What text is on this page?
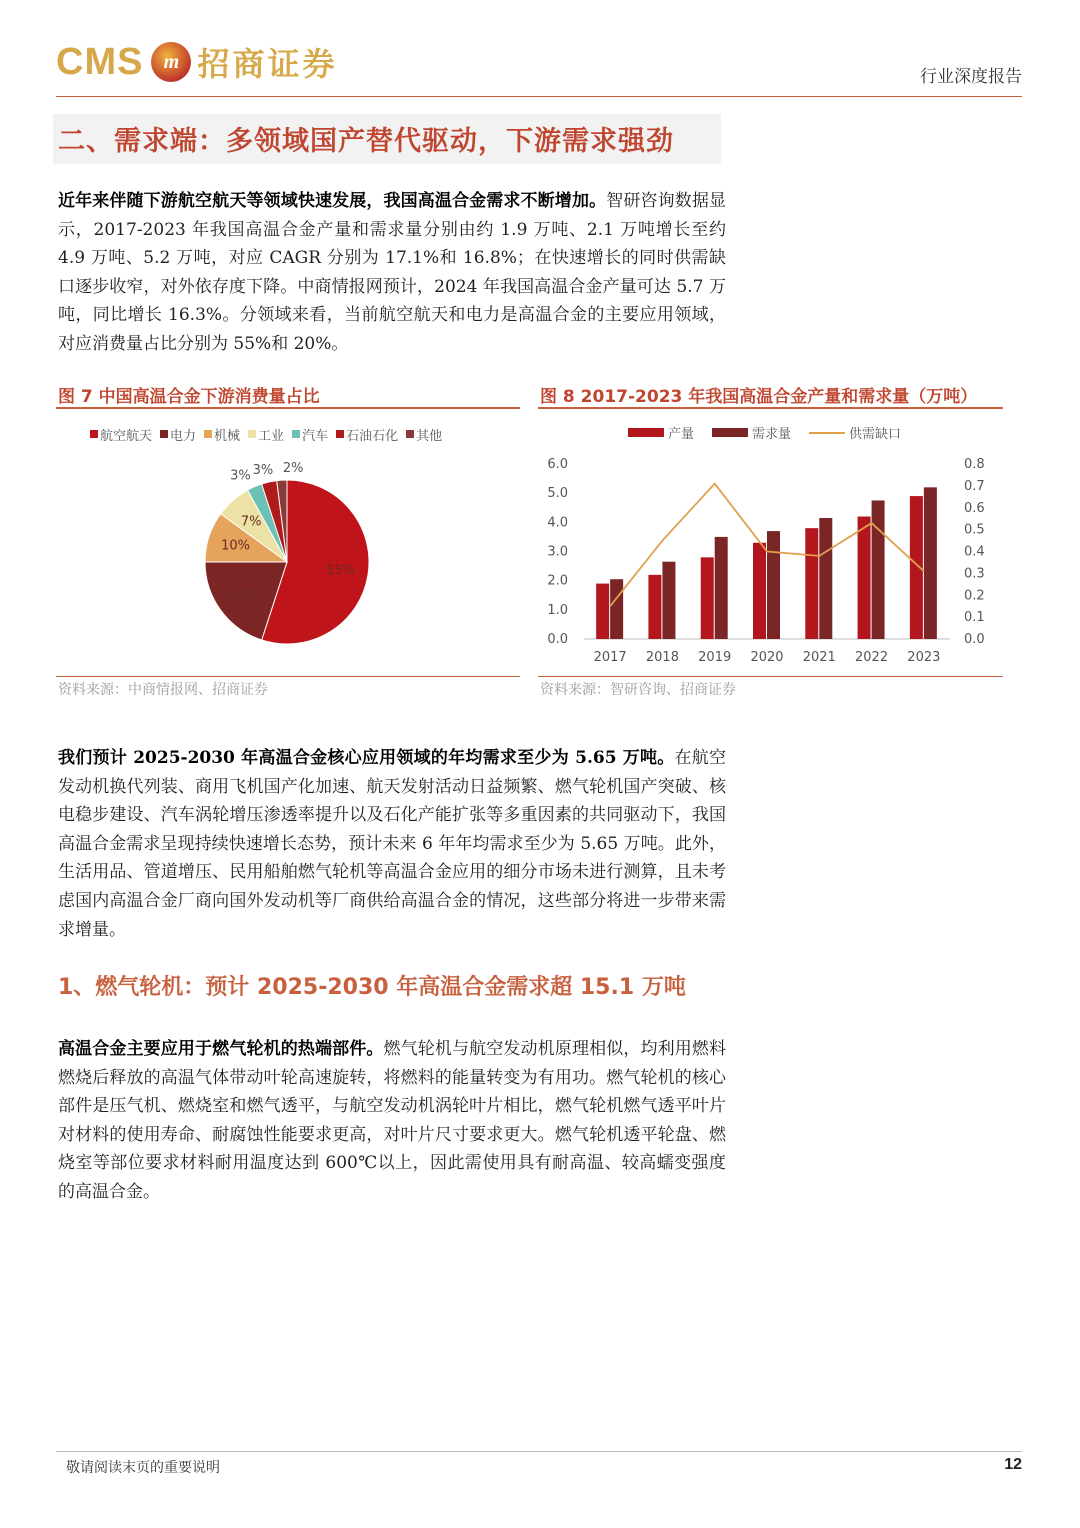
CMS	m 招商证券	行业深度报告
二、需求端：多领域国产替代驱动，下游需求强劲
近年来伴随下游航空航天等领域快速发展，我国高温合金需求不断增加。智研咨询数据显示，2017-2023 年我国高温合金产量和需求量分别由约 1.9 万吨、2.1 万吨增长至约 4.9 万吨、5.2 万吨，对应 CAGR 分别为 17.1%和 16.8%；在快速增长的同时供需缺口逐步收窄，对外依存度下降。中商情报网预计，2024 年我国高温合金产量可达 5.7 万吨，同比增长 16.3%。分领域来看，当前航空航天和电力是高温合金的主要应用领域，对应消费量占比分别为 55%和 20%。
图 7 中国高温合金下游消费量占比
航空航天 电力 机械 工业 汽车 石油石化 其他
55%
20%
10%
7%
3% 3% 2%
资料来源：中商情报网、招商证券
图 8 2017-2023 年我国高温合金产量和需求量（万吨）
产量	需求量	供需缺口
0.0
1.0
2.0
3.0
4.0
5.0
6.0
0.0
0.1
0.2
0.3
0.4
0.5
0.6
0.7
0.8
2017 2018 2019 2020 2021 2022 2023
资料来源：智研咨询、招商证券
我们预计 2025-2030 年高温合金核心应用领域的年均需求至少为 5.65 万吨。在航空发动机换代列装、商用飞机国产化加速、航天发射活动日益频繁、燃气轮机国产突破、核电稳步建设、汽车涡轮增压渗透率提升以及石化产能扩张等多重因素的共同驱动下，我国高温合金需求呈现持续快速增长态势，预计未来 6 年年均需求至少为 5.65 万吨。此外，生活用品、管道增压、民用船舶燃气轮机等高温合金应用的细分市场未进行测算，且未考虑国内高温合金厂商向国外发动机等厂商供给高温合金的情况，这些部分将进一步带来需求增量。
1、燃气轮机：预计 2025-2030 年高温合金需求超 15.1 万吨
高温合金主要应用于燃气轮机的热端部件。燃气轮机与航空发动机原理相似，均利用燃料燃烧后释放的高温气体带动叶轮高速旋转，将燃料的能量转变为有用功。燃气轮机的核心部件是压气机、燃烧室和燃气透平，与航空发动机涡轮叶片相比，燃气轮机燃气透平叶片对材料的使用寿命、耐腐蚀性能要求更高，对叶片尺寸要求更大。燃气轮机透平轮盘、燃烧室等部位要求材料耐用温度达到 600℃以上，因此需使用具有耐高温、较高蠕变强度的高温合金。
敬请阅读末页的重要说明	12
